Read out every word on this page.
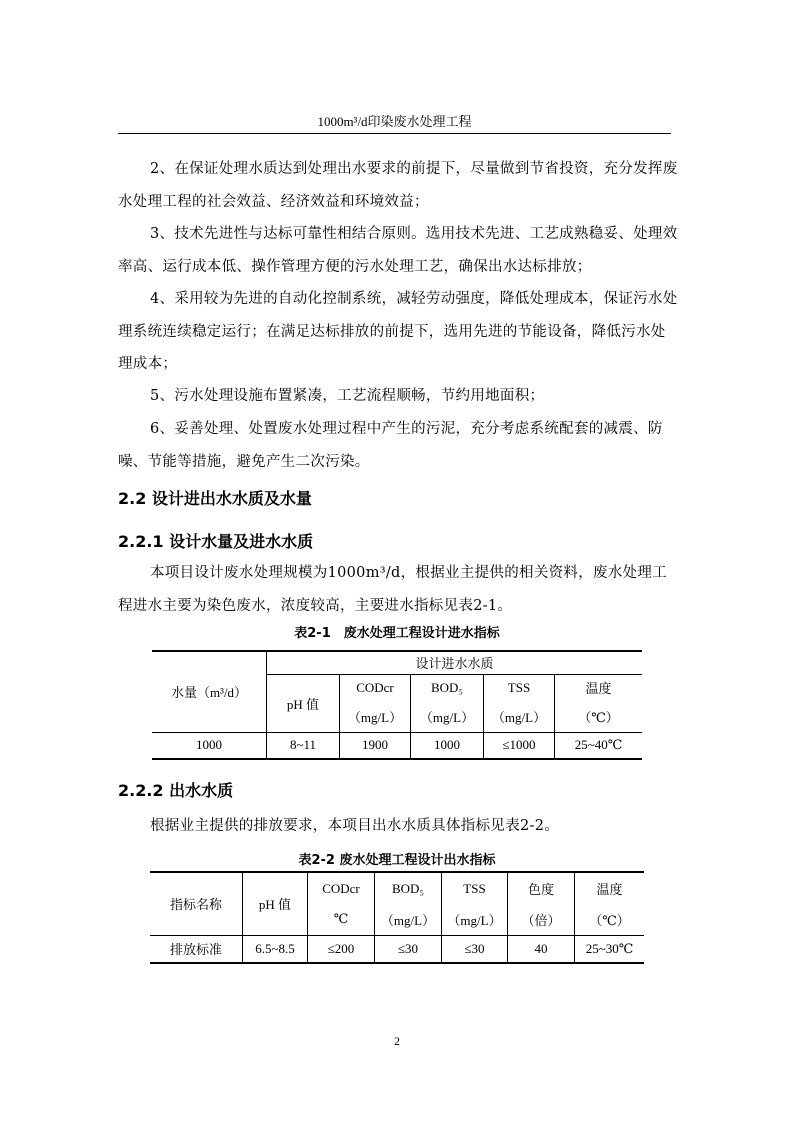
1000m³/d印染废水处理工程

2、在保证处理水质达到处理出水要求的前提下，尽量做到节省投资，充分发挥废水处理工程的社会效益、经济效益和环境效益；

3、技术先进性与达标可靠性相结合原则。选用技术先进、工艺成熟稳妥、处理效率高、运行成本低、操作管理方便的污水处理工艺，确保出水达标排放；

4、采用较为先进的自动化控制系统，减轻劳动强度，降低处理成本，保证污水处理系统连续稳定运行；在满足达标排放的前提下，选用先进的节能设备，降低污水处理成本；

5、污水处理设施布置紧凑，工艺流程顺畅，节约用地面积；

6、妥善处理、处置废水处理过程中产生的污泥，充分考虑系统配套的减震、防噪、节能等措施，避免产生二次污染。

2.2 设计进出水水质及水量
2.2.1 设计水量及进水水质

本项目设计废水处理规模为1000m³/d，根据业主提供的相关资料，废水处理工程进水主要为染色废水，浓度较高，主要进水指标见表2-1。

表2-1　废水处理工程设计进水指标
水量（m³/d）	设计进水水质				
	pH 值	CODcr	BOD₅	TSS	温度
		（mg/L）	（mg/L）	（mg/L）	（℃）
1000	8~11	1900	1000	≤1000	25~40℃
2.2.2 出水水质

根据业主提供的排放要求，本项目出水水质具体指标见表2-2。

表2-2 废水处理工程设计出水指标
指标名称	pH 值	CODcr	BOD₅	TSS	色度	温度
		℃	（mg/L）	（mg/L）	（倍）	（℃）
排放标准	6.5~8.5	≤200	≤30	≤30	40	25~30℃
2
